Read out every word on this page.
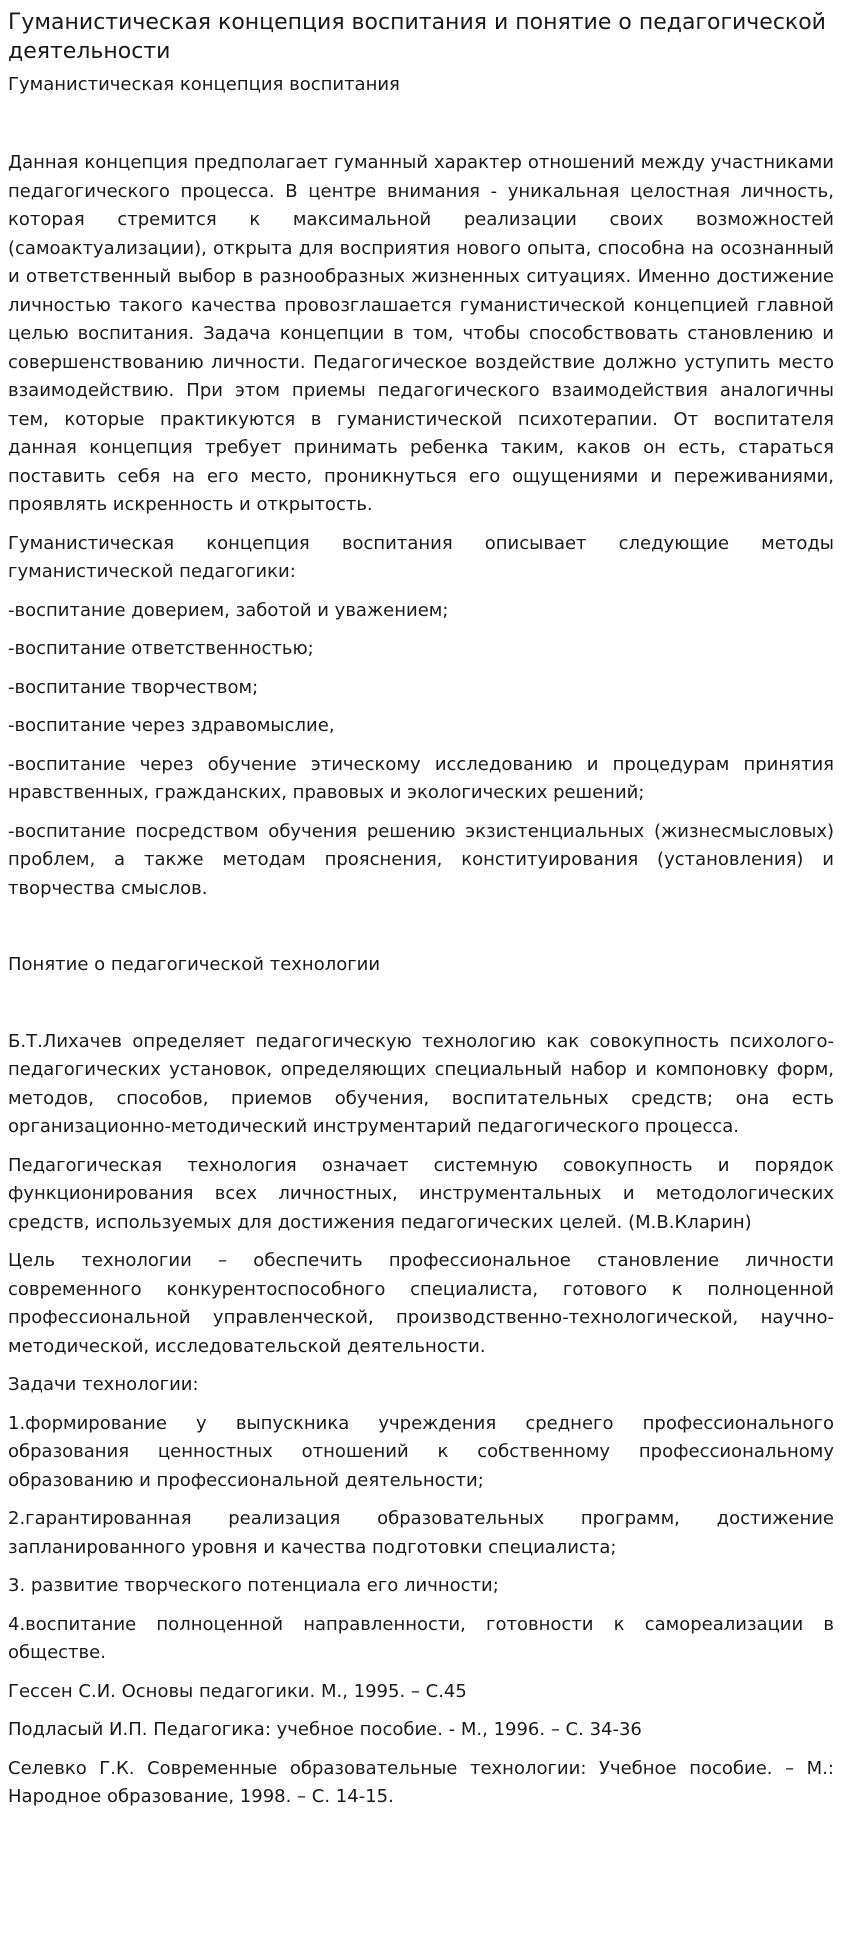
Гуманистическая концепция воспитания и понятие о педагогической деятельности
Гуманистическая концепция воспитания

Данная концепция предполагает гуманный характер отношений между участниками педагогического процесса. В центре внимания - уникальная целостная личность, которая стремится к максимальной реализации своих возможностей (самоактуализации), открыта для восприятия нового опыта, способна на осознанный и ответственный выбор в разнообразных жизненных ситуациях. Именно достижение личностью такого качества провозглашается гуманистической концепцией главной целью воспитания. Задача концепции в том, чтобы способствовать становлению и совершенствованию личности. Педагогическое воздействие должно уступить место взаимодействию. При этом приемы педагогического взаимодействия аналогичны тем, которые практикуются в гуманистической психотерапии. От воспитателя данная концепция требует принимать ребенка таким, каков он есть, стараться поставить себя на его место, проникнуться его ощущениями и переживаниями, проявлять искренность и открытость.

Гуманистическая концепция воспитания описывает следующие методы гуманистической педагогики:

-воспитание доверием, заботой и уважением;

-воспитание ответственностью;

-воспитание творчеством;

-воспитание через здравомыслие,

-воспитание через обучение этическому исследованию и процедурам принятия нравственных, гражданских, правовых и экологических решений;

-воспитание посредством обучения решению экзистенциальных (жизнесмысловых) проблем, а также методам прояснения, конституирования (установления) и творчества смыслов.

Понятие о педагогической технологии

Б.Т.Лихачев определяет педагогическую технологию как совокупность психолого-педагогических установок, определяющих специальный набор и компоновку форм, методов, способов, приемов обучения, воспитательных средств; она есть организационно-методический инструментарий педагогического процесса.

Педагогическая технология означает системную совокупность и порядок функционирования всех личностных, инструментальных и методологических средств, используемых для достижения педагогических целей. (М.В.Кларин)

Цель технологии – обеспечить профессиональное становление личности современного конкурентоспособного специалиста, готового к полноценной профессиональной управленческой, производственно-технологической, научно-методической, исследовательской деятельности.

Задачи технологии:

1.формирование у выпускника учреждения среднего профессионального образования ценностных отношений к собственному профессиональному образованию и профессиональной деятельности;

2.гарантированная реализация образовательных программ, достижение запланированного уровня и качества подготовки специалиста;

3. развитие творческого потенциала его личности;

4.воспитание полноценной направленности, готовности к самореализации в обществе.

Гессен С.И. Основы педагогики. М., 1995. – С.45

Подласый И.П. Педагогика: учебное пособие. - М., 1996. – С. 34-36

Селевко Г.К. Современные образовательные технологии: Учебное пособие. – М.: Народное образование, 1998. – С. 14-15.
